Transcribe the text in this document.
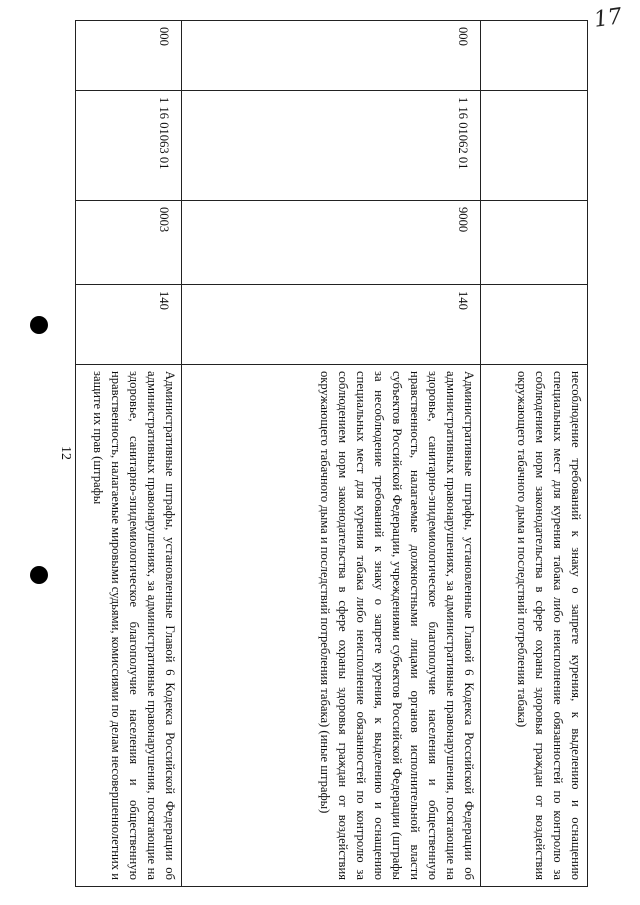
17
12
					несоблюдение требований к знаку о запрете курения, к выделению и оснащению специальных мест для курения табака либо неисполнение обязанностей по контролю за соблюдением норм законодательства в сфере охраны здоровья граждан от воздействия окружающего табачного дыма и последствий потребления табака)
000	1 16 01062 01	9000	140	Административные штрафы, установленные Главой 6 Кодекса Российской Федерации об административных правонарушениях, за административные правонарушения, посягающие на здоровье, санитарно-эпидемиологическое благополучие населения и общественную нравственность, налагаемые должностными лицами органов исполнительной власти субъектов Российской Федерации, учреждениями субъектов Российской Федерации (штрафы за несоблюдение требований к знаку о запрете курения, к выделению и оснащению специальных мест для курения табака либо неисполнение обязанностей по контролю за соблюдением норм законодательства в сфере охраны здоровья граждан от воздействия окружающего табачного дыма и последствий потребления табака) (иные штрафы)
000	1 16 01063 01	0003	140	Административные штрафы, установленные Главой 6 Кодекса Российской Федерации об административных правонарушениях, за административные правонарушения, посягающие на здоровье, санитарно-эпидемиологическое благополучие населения и общественную нравственность, налагаемые мировыми судьями, комиссиями по делам несовершеннолетних и защите их прав (штрафы
